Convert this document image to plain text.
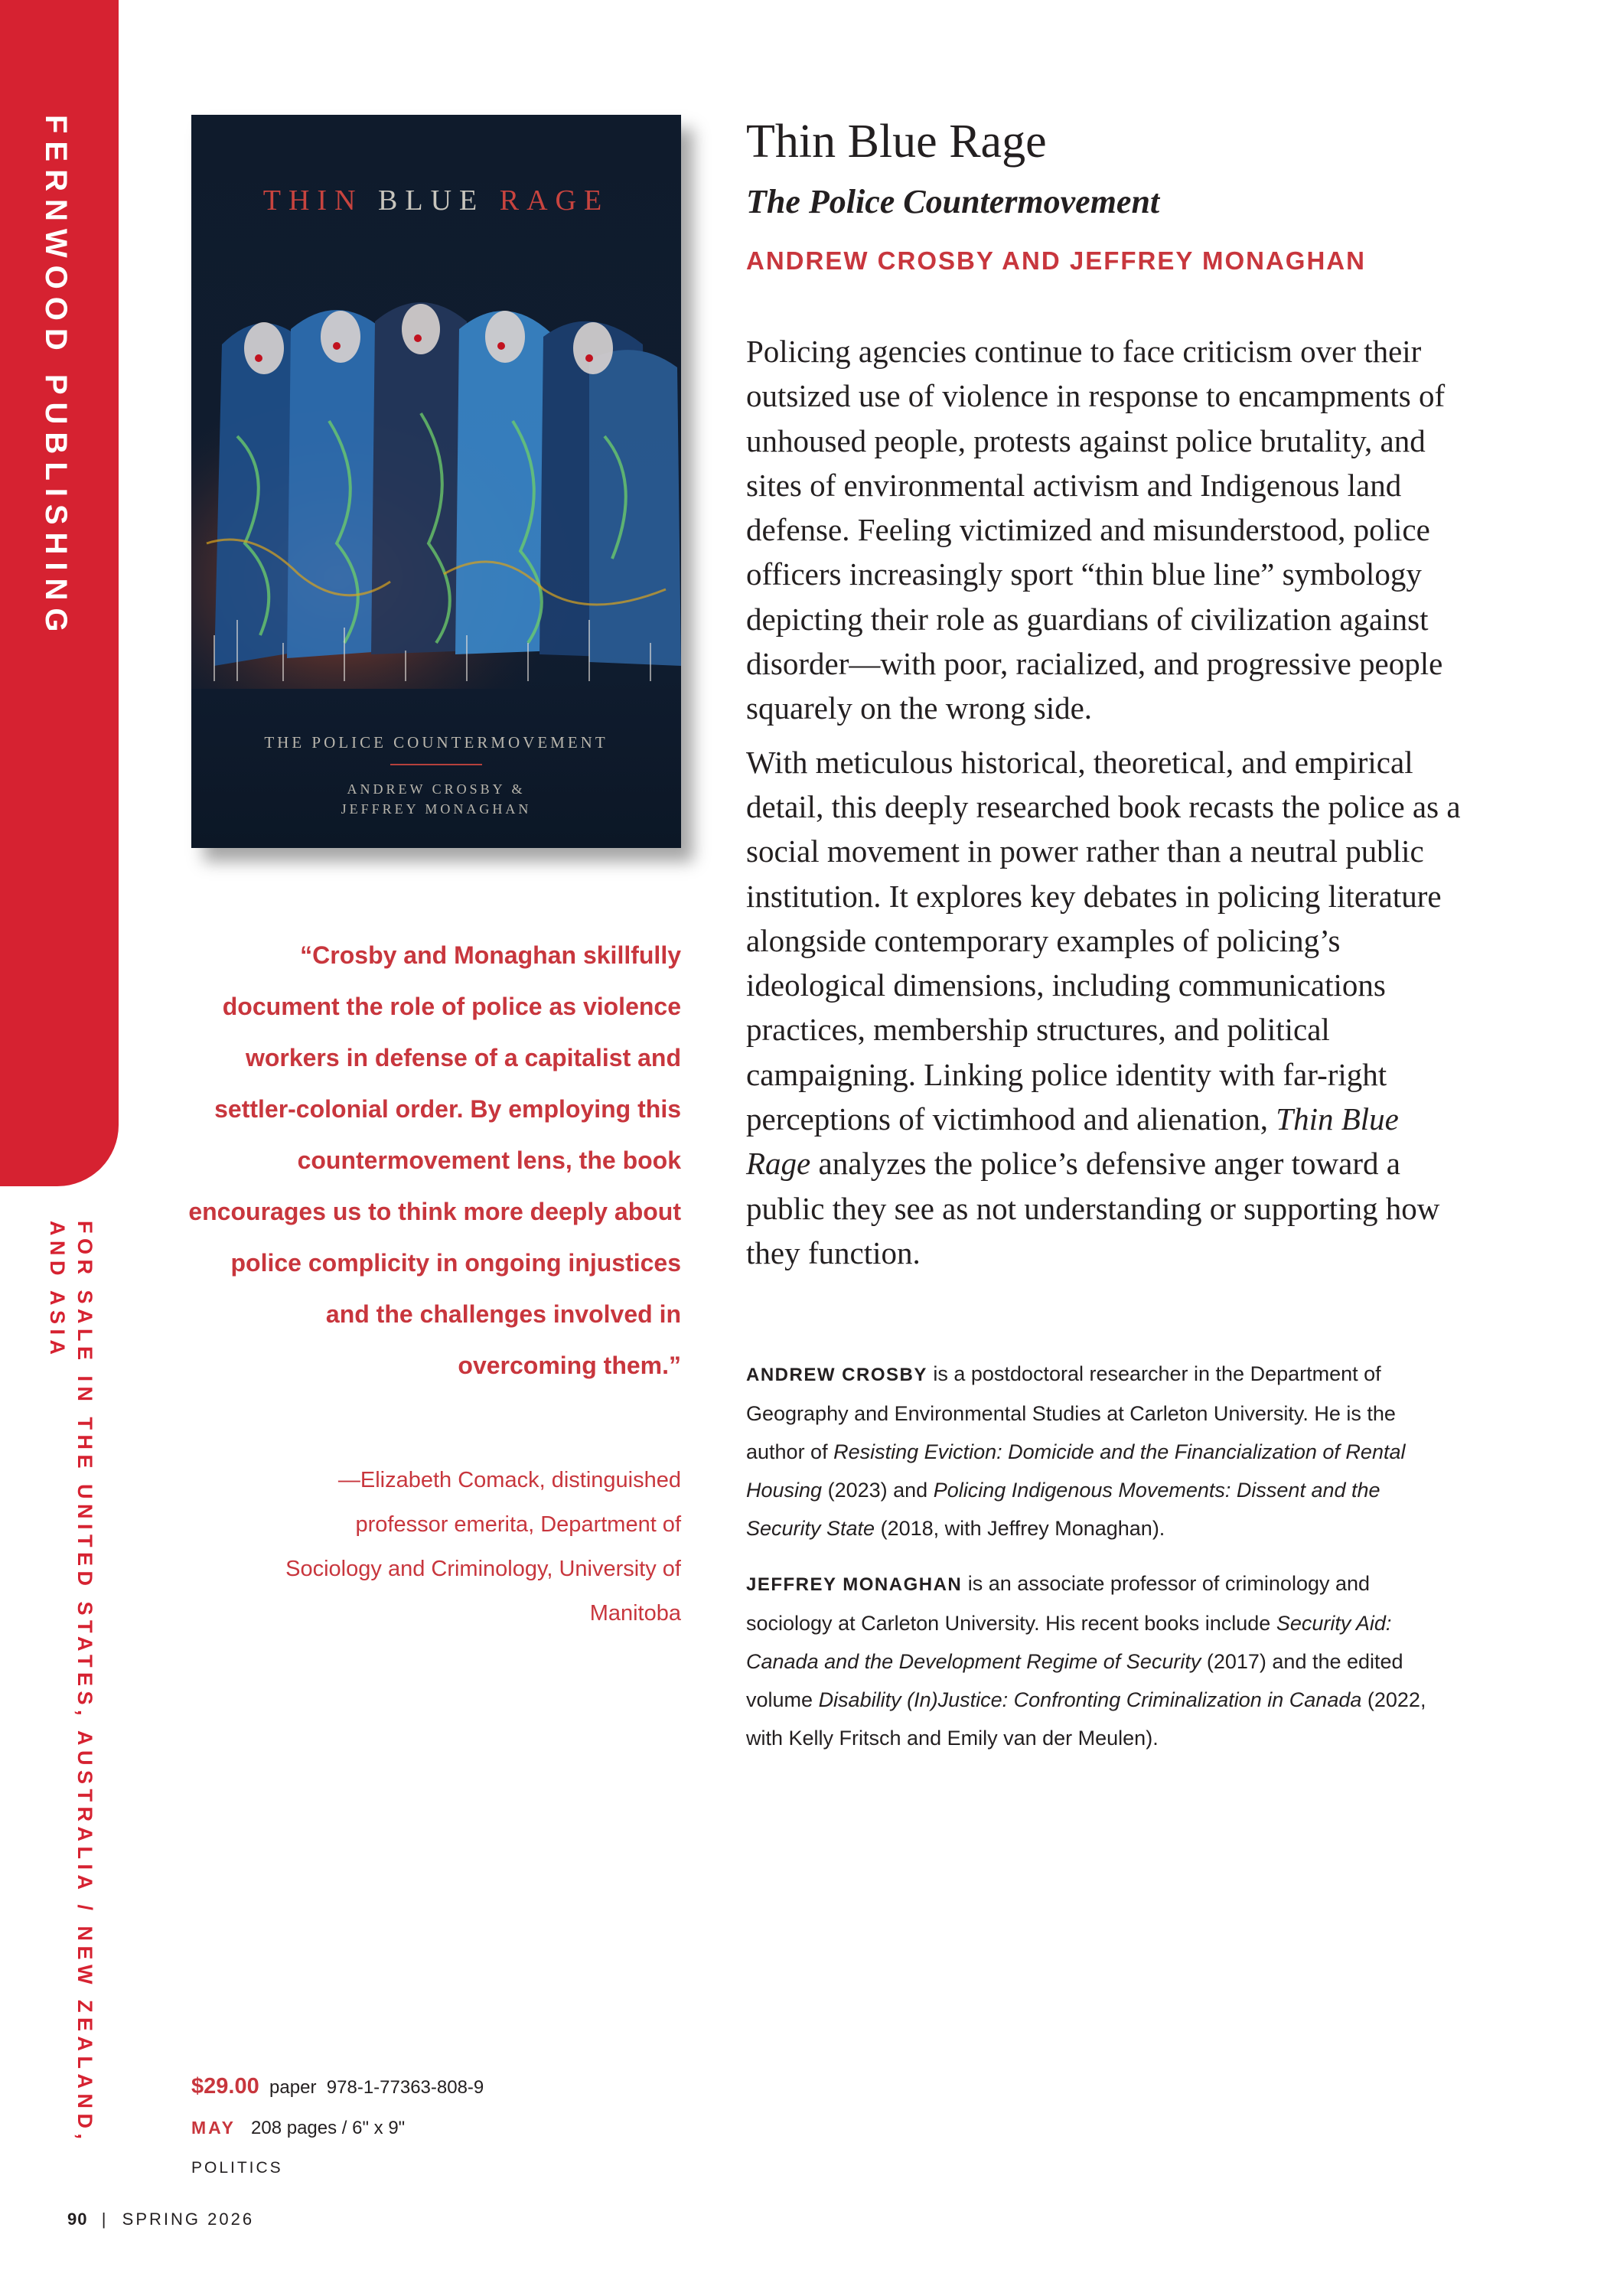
FERNWOOD PUBLISHING
FOR SALE IN THE UNITED STATES, AUSTRALIA / NEW ZEALAND,
AND ASIA
THIN BLUE RAGE
THE POLICE COUNTERMOVEMENT
ANDREW CROSBY &
JEFFREY MONAGHAN

“Crosby and Monaghan skillfully document the role of police as violence workers in defense of a capitalist and settler-colonial order. By employing this countermovement lens, the book encourages us to think more deeply about police complicity in ongoing injustices and the challenges involved in overcoming them.”

—Elizabeth Comack, distinguished professor emerita, Department of Sociology and Criminology, University of Manitoba

Thin Blue Rage
The Police Countermovement
ANDREW CROSBY AND JEFFREY MONAGHAN

Policing agencies continue to face criticism over their outsized use of violence in response to encampments of unhoused people, protests against police brutality, and sites of environmental activism and Indigenous land defense. Feeling victimized and misunderstood, police officers increasingly sport “thin blue line” symbology depicting their role as guardians of civilization against disorder—with poor, racialized, and progressive people squarely on the wrong side.

With meticulous historical, theoretical, and empirical detail, this deeply researched book recasts the police as a social movement in power rather than a neutral public institution. It explores key debates in policing literature alongside contemporary examples of policing’s ideological dimensions, including communications practices, membership structures, and political campaigning. Linking police identity with far-right perceptions of victimhood and alienation, Thin Blue Rage analyzes the police’s defensive anger toward a public they see as not understanding or supporting how they function.

ANDREW CROSBY is a postdoctoral researcher in the Department of Geography and Environmental Studies at Carleton University. He is the author of Resisting Eviction: Domicide and the Financialization of Rental Housing (2023) and Policing Indigenous Movements: Dissent and the Security State (2018, with Jeffrey Monaghan).

JEFFREY MONAGHAN is an associate professor of criminology and sociology at Carleton University. His recent books include Security Aid: Canada and the Development Regime of Security (2017) and the edited volume Disability (In)Justice: Confronting Criminalization in Canada (2022, with Kelly Fritsch and Emily van der Meulen).

$29.00 paper 978-1-77363-808-9
MAY 208 pages / 6" x 9"
POLITICS
90 | SPRING 2026
